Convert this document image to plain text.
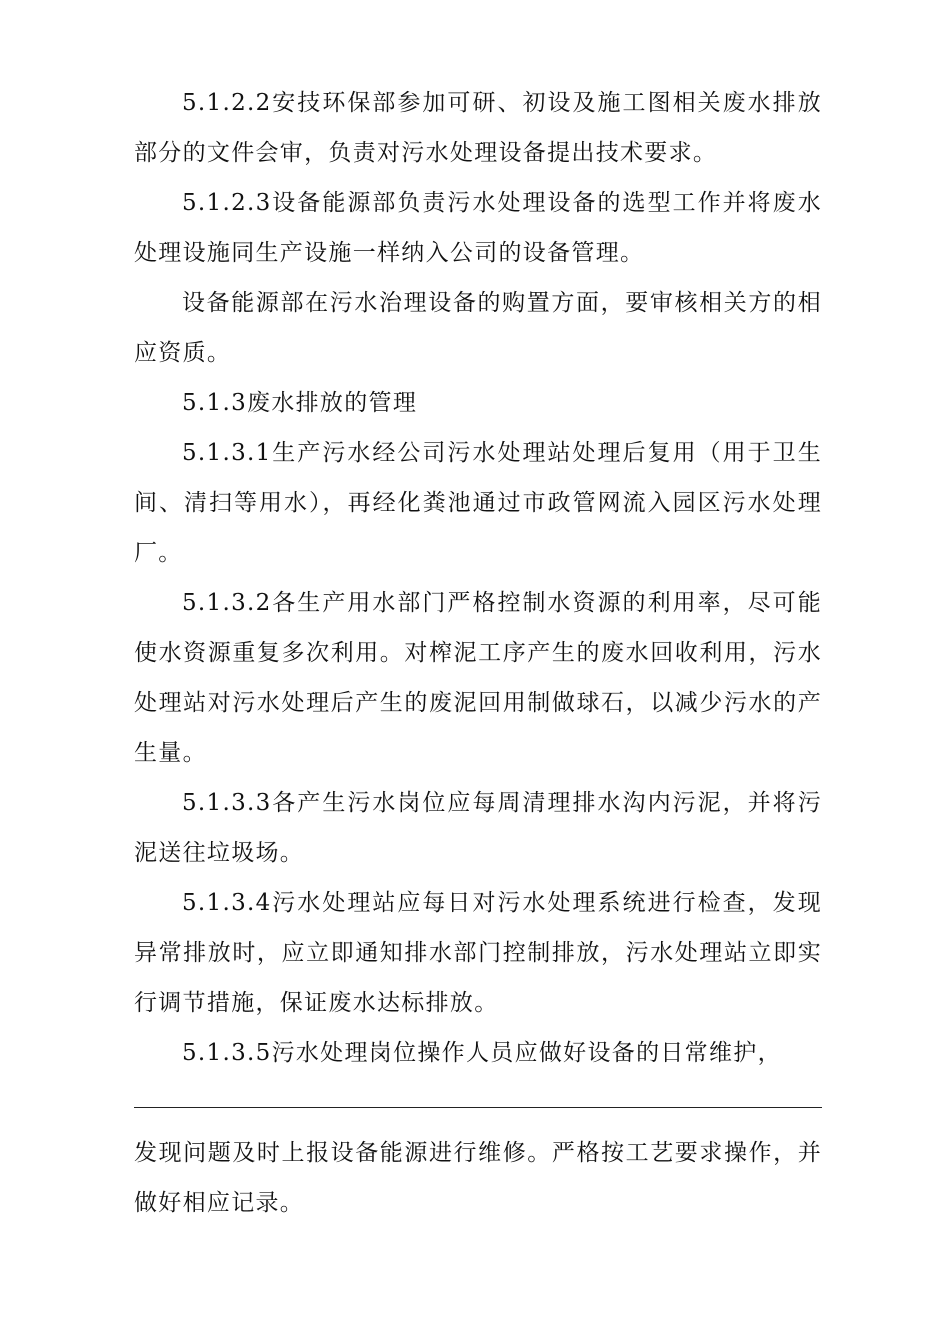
5.1.2.2安技环保部参加可研、初设及施工图相关废水排放部分的文件会审，负责对污水处理设备提出技术要求。

5.1.2.3设备能源部负责污水处理设备的选型工作并将废水处理设施同生产设施一样纳入公司的设备管理。

设备能源部在污水治理设备的购置方面，要审核相关方的相应资质。

5.1.3废水排放的管理

5.1.3.1生产污水经公司污水处理站处理后复用（用于卫生间、清扫等用水），再经化粪池通过市政管网流入园区污水处理厂。

5.1.3.2各生产用水部门严格控制水资源的利用率，尽可能使水资源重复多次利用。对榨泥工序产生的废水回收利用，污水处理站对污水处理后产生的废泥回用制做球石，以减少污水的产生量。

5.1.3.3各产生污水岗位应每周清理排水沟内污泥，并将污泥送往垃圾场。

5.1.3.4污水处理站应每日对污水处理系统进行检查，发现异常排放时，应立即通知排水部门控制排放，污水处理站立即实行调节措施，保证废水达标排放。

5.1.3.5污水处理岗位操作人员应做好设备的日常维护，

发现问题及时上报设备能源进行维修。严格按工艺要求操作，并做好相应记录。
